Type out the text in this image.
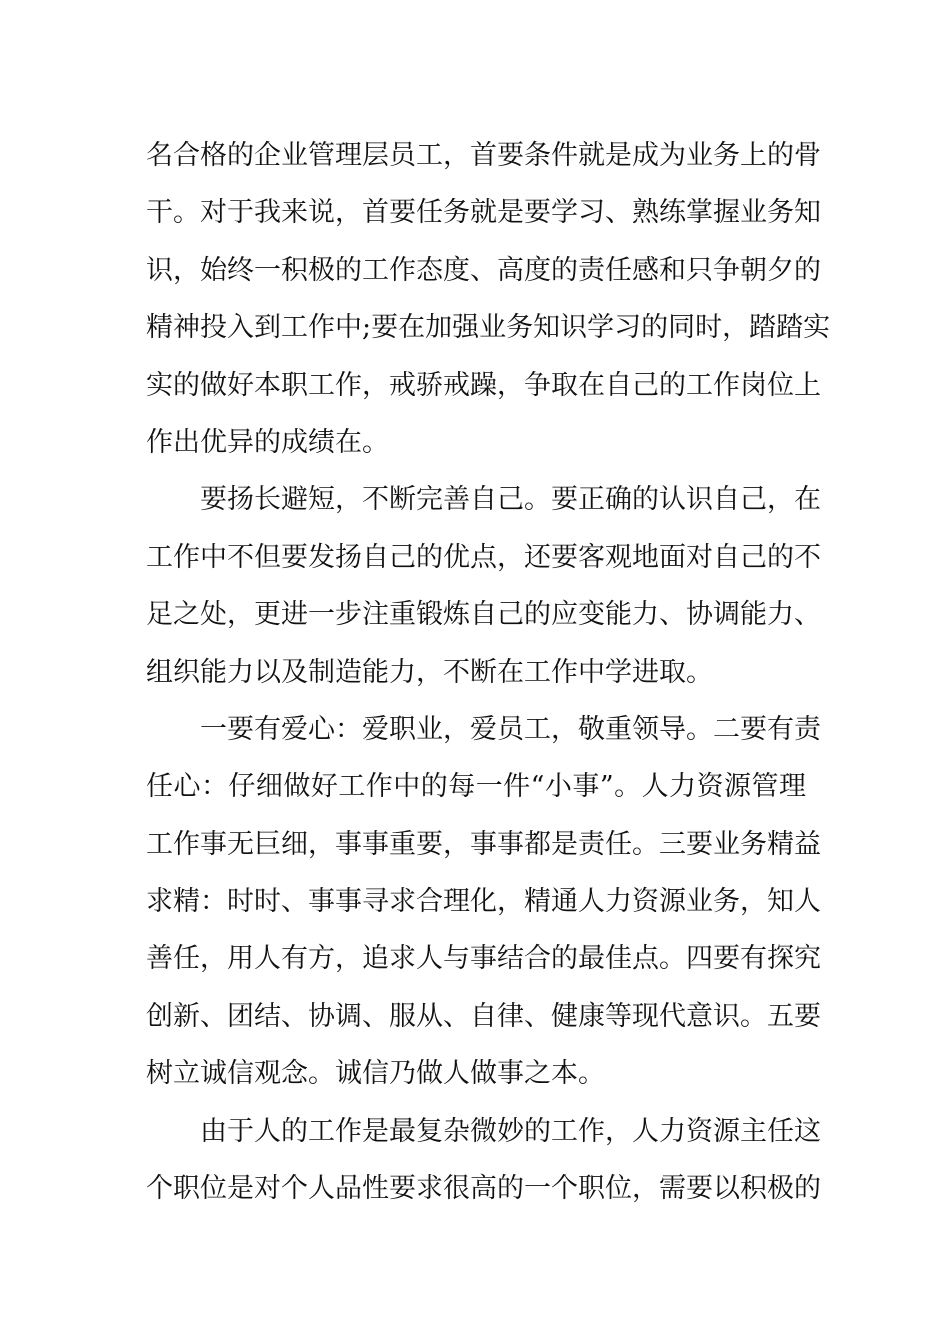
名合格的企业管理层员工，首要条件就是成为业务上的骨
干。对于我来说，首要任务就是要学习、熟练掌握业务知
识，始终一积极的工作态度、高度的责任感和只争朝夕的
精神投入到工作中;要在加强业务知识学习的同时，踏踏实
实的做好本职工作，戒骄戒躁，争取在自己的工作岗位上
作出优异的成绩在。
要扬长避短，不断完善自己。要正确的认识自己，在
工作中不但要发扬自己的优点，还要客观地面对自己的不
足之处，更进一步注重锻炼自己的应变能力、协调能力、
组织能力以及制造能力，不断在工作中学进取。
一要有爱心：爱职业，爱员工，敬重领导。二要有责
任心：仔细做好工作中的每一件“小事”。人力资源管理
工作事无巨细，事事重要，事事都是责任。三要业务精益
求精：时时、事事寻求合理化，精通人力资源业务，知人
善任，用人有方，追求人与事结合的最佳点。四要有探究
创新、团结、协调、服从、自律、健康等现代意识。五要
树立诚信观念。诚信乃做人做事之本。
由于人的工作是最复杂微妙的工作，人力资源主任这
个职位是对个人品性要求很高的一个职位，需要以积极的
